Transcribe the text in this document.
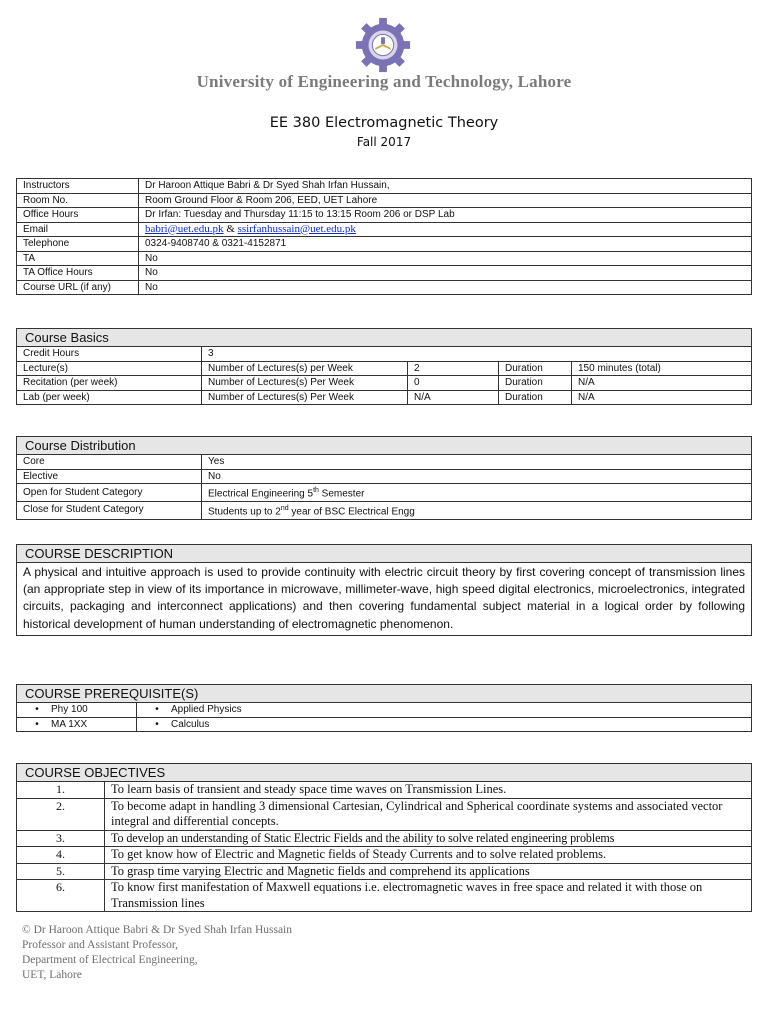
University of Engineering and Technology, Lahore
EE 380 Electromagnetic Theory
Fall 2017
Instructors	Dr Haroon Attique Babri & Dr Syed Shah Irfan Hussain,
Room No.	Room Ground Floor & Room 206, EED, UET Lahore
Office Hours	Dr Irfan: Tuesday and Thursday 11:15 to 13:15 Room 206 or DSP Lab
Email	babri@uet.edu.pk & ssirfanhussain@uet.edu.pk
Telephone	0324-9408740 & 0321-4152871
TA	No
TA Office Hours	No
Course URL (if any)	No
Course Basics				
Credit Hours	3			
Lecture(s)	Number of Lectures(s) per Week	2	Duration	150 minutes (total)
Recitation (per week)	Number of Lectures(s) Per Week	0	Duration	N/A
Lab (per week)	Number of Lectures(s) Per Week	N/A	Duration	N/A
Course Distribution	
Core	Yes
Elective	No
Open for Student Category	Electrical Engineering 5th Semester
Close for Student Category	Students up to 2nd year of BSC Electrical Engg
COURSE DESCRIPTION
A physical and intuitive approach is used to provide continuity with electric circuit theory by first covering concept of transmission lines (an appropriate step in view of its importance in microwave, millimeter-wave, high speed digital electronics, microelectronics, integrated circuits, packaging and interconnect applications) and then covering fundamental subject material in a logical order by following historical development of human understanding of electromagnetic phenomenon.
COURSE PREREQUISITE(S)	
• Phy 100	• Applied Physics
• MA 1XX	• Calculus
COURSE OBJECTIVES	
1.	To learn basis of transient and steady space time waves on Transmission Lines.
2.	To become adapt in handling 3 dimensional Cartesian, Cylindrical and Spherical coordinate systems and associated vector integral and differential concepts.
3.	To develop an understanding of Static Electric Fields and the ability to solve related engineering problems
4.	To get know how of Electric and Magnetic fields of Steady Currents and to solve related problems.
5.	To grasp time varying Electric and Magnetic fields and comprehend its applications
6.	To know first manifestation of Maxwell equations i.e. electromagnetic waves in free space and related it with those on Transmission lines
© Dr Haroon Attique Babri & Dr Syed Shah Irfan Hussain
Professor and Assistant Professor,
Department of Electrical Engineering,
UET, Lahore
